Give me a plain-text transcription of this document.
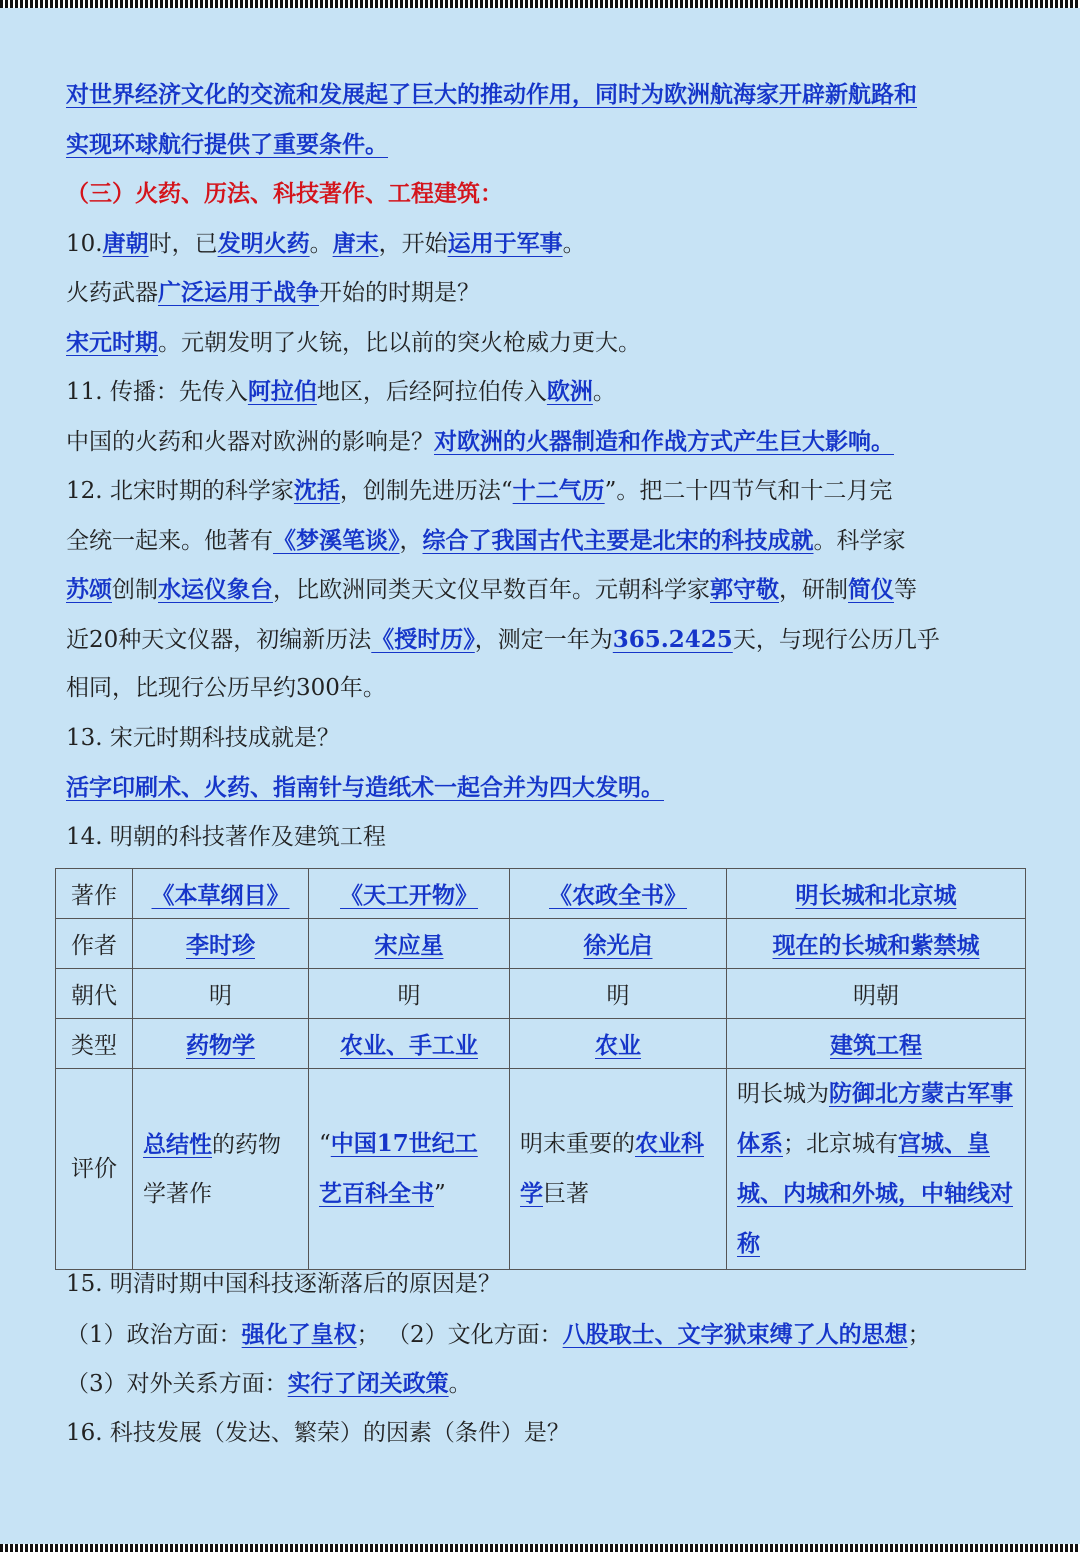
对世界经济文化的交流和发展起了巨大的推动作用，同时为欧洲航海家开辟新航路和
实现环球航行提供了重要条件。
（三）火药、历法、科技著作、工程建筑：
10.唐朝时，已发明火药。唐末，开始运用于军事。
火药武器广泛运用于战争开始的时期是？
宋元时期。元朝发明了火铳，比以前的突火枪威力更大。
11. 传播：先传入阿拉伯地区，后经阿拉伯传入欧洲。
中国的火药和火器对欧洲的影响是？对欧洲的火器制造和作战方式产生巨大影响。
12. 北宋时期的科学家沈括，创制先进历法“十二气历”。把二十四节气和十二月完
全统一起来。他著有《梦溪笔谈》，综合了我国古代主要是北宋的科技成就。科学家
苏颂创制水运仪象台，比欧洲同类天文仪早数百年。元朝科学家郭守敬，研制简仪等
近20种天文仪器，初编新历法《授时历》，测定一年为365.2425天，与现行公历几乎
相同，比现行公历早约300年。
13. 宋元时期科技成就是？
活字印刷术、火药、指南针与造纸术一起合并为四大发明。
14. 明朝的科技著作及建筑工程
著作	《本草纲目》	《天工开物》	《农政全书》	明长城和北京城
作者	李时珍	宋应星	徐光启	现在的长城和紫禁城
朝代	明	明	明	明朝
类型	药物学	农业、手工业	农业	建筑工程
评价	总结性的药物学著作	“中国17世纪工艺百科全书”	明末重要的农业科学巨著	明长城为防御北方蒙古军事体系；北京城有宫城、皇城、内城和外城，中轴线对称
15. 明清时期中国科技逐渐落后的原因是？
（1）政治方面：强化了皇权； （2）文化方面：八股取士、文字狱束缚了人的思想；
（3）对外关系方面：实行了闭关政策。
16. 科技发展（发达、繁荣）的因素（条件）是？
